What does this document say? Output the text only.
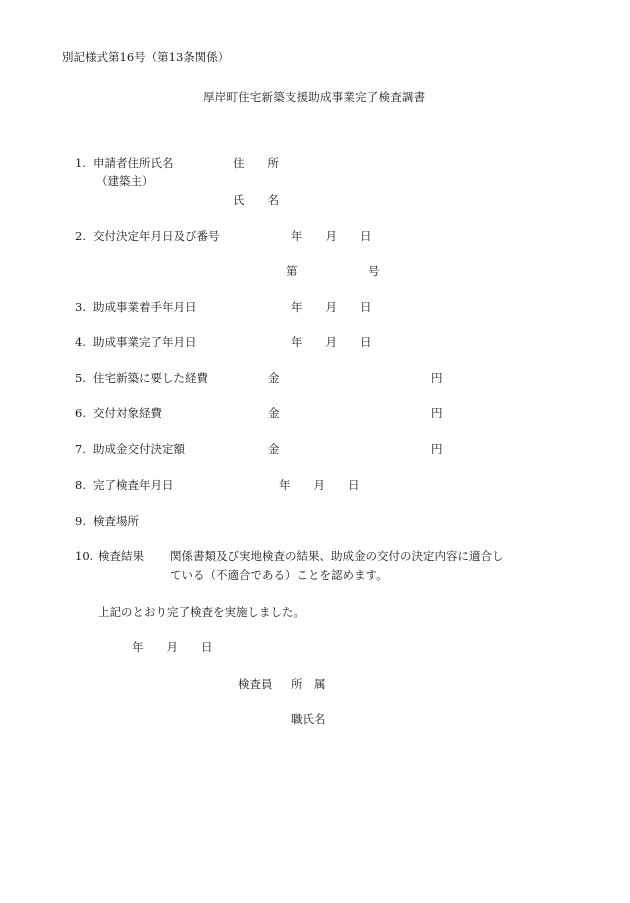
別記様式第16号（第13条関係）
厚岸町住宅新築支援助成事業完了検査調書
1. 申請者住所氏名
（建築主）
住　　所
氏　　名
2. 交付決定年月日及び番号	年　　月　　日
第	号
3. 助成事業着手年月日	年　　月　　日
4. 助成事業完了年月日	年　　月　　日
5. 住宅新築に要した経費	金	円
6. 交付対象経費	金	円
7. 助成金交付決定額	金	円
8. 完了検査年月日	年　　月　　日
9. 検査場所
10. 検査結果 関係書類及び実地検査の結果、助成金の交付の決定内容に適合し
ている（不適合である）ことを認めます。
上記のとおり完了検査を実施しました。
年　　月　　日
検査員 所　属
職氏名
